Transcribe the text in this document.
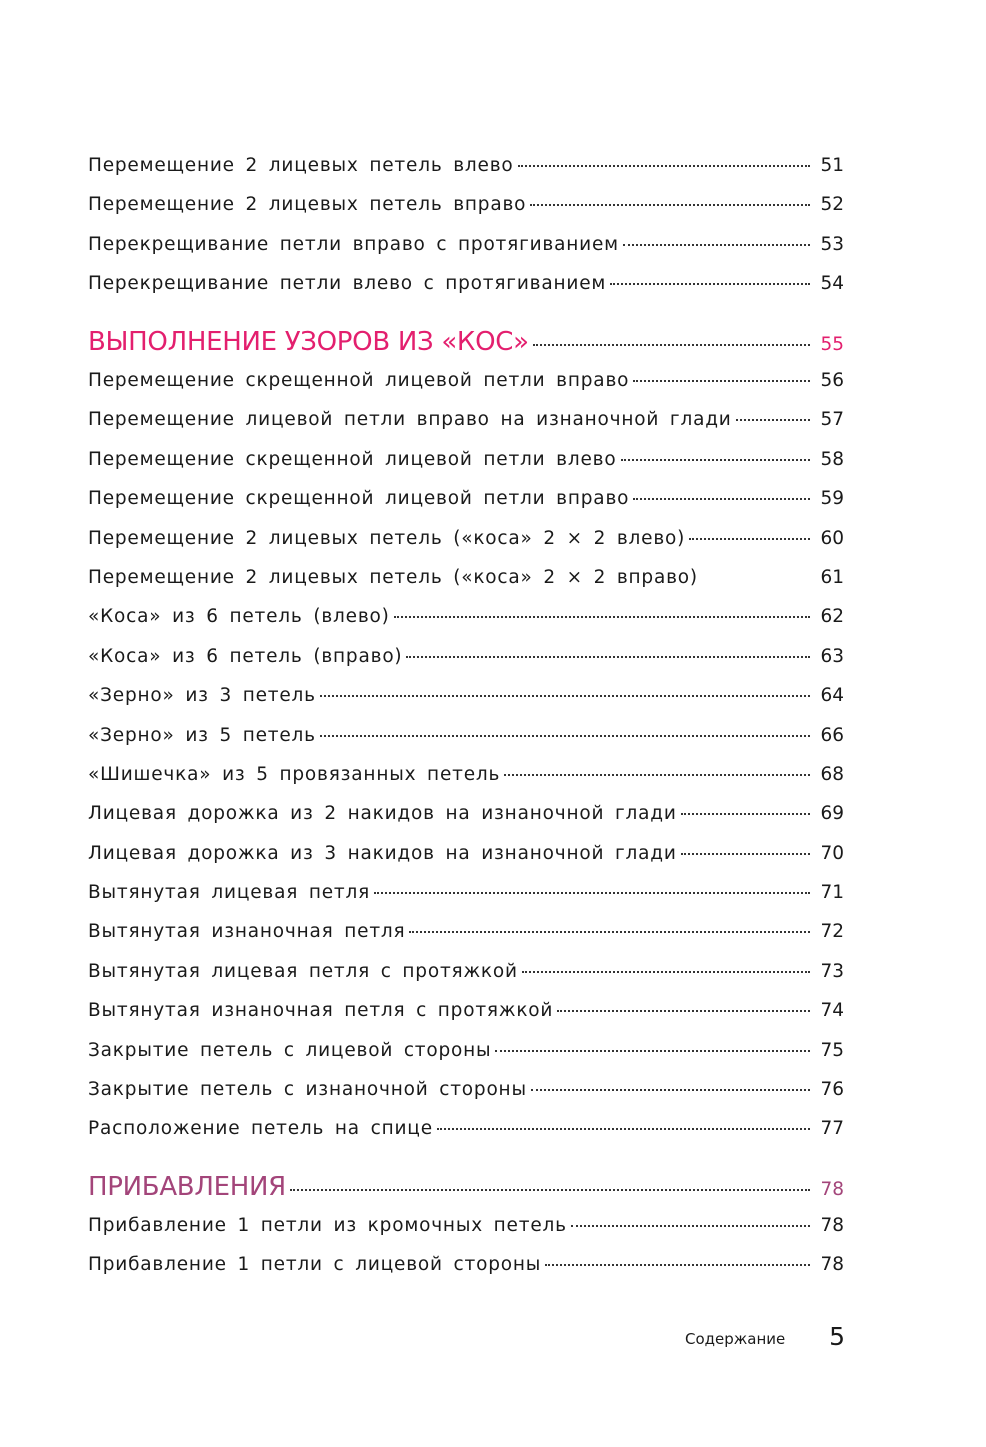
Перемещение 2 лицевых петель влево	51
Перемещение 2 лицевых петель вправо	52
Перекрещивание петли вправо с протягиванием	53
Перекрещивание петли влево с протягиванием	54
ВЫПОЛНЕНИЕ УЗОРОВ ИЗ «КОС»	55
Перемещение скрещенной лицевой петли вправо	56
Перемещение лицевой петли вправо на изнаночной глади	57
Перемещение скрещенной лицевой петли влево	58
Перемещение скрещенной лицевой петли вправо	59
Перемещение 2 лицевых петель («коса» 2 × 2 влево)	60
Перемещение 2 лицевых петель («коса» 2 × 2 вправо)	61
«Коса» из 6 петель (влево)	62
«Коса» из 6 петель (вправо)	63
«Зерно» из 3 петель	64
«Зерно» из 5 петель	66
«Шишечка» из 5 провязанных петель	68
Лицевая дорожка из 2 накидов на изнаночной глади	69
Лицевая дорожка из 3 накидов на изнаночной глади	70
Вытянутая лицевая петля	71
Вытянутая изнаночная петля	72
Вытянутая лицевая петля с протяжкой	73
Вытянутая изнаночная петля с протяжкой	74
Закрытие петель с лицевой стороны	75
Закрытие петель с изнаночной стороны	76
Расположение петель на спице	77
ПРИБАВЛЕНИЯ	78
Прибавление 1 петли из кромочных петель	78
Прибавление 1 петли с лицевой стороны	78
Содержание 5
